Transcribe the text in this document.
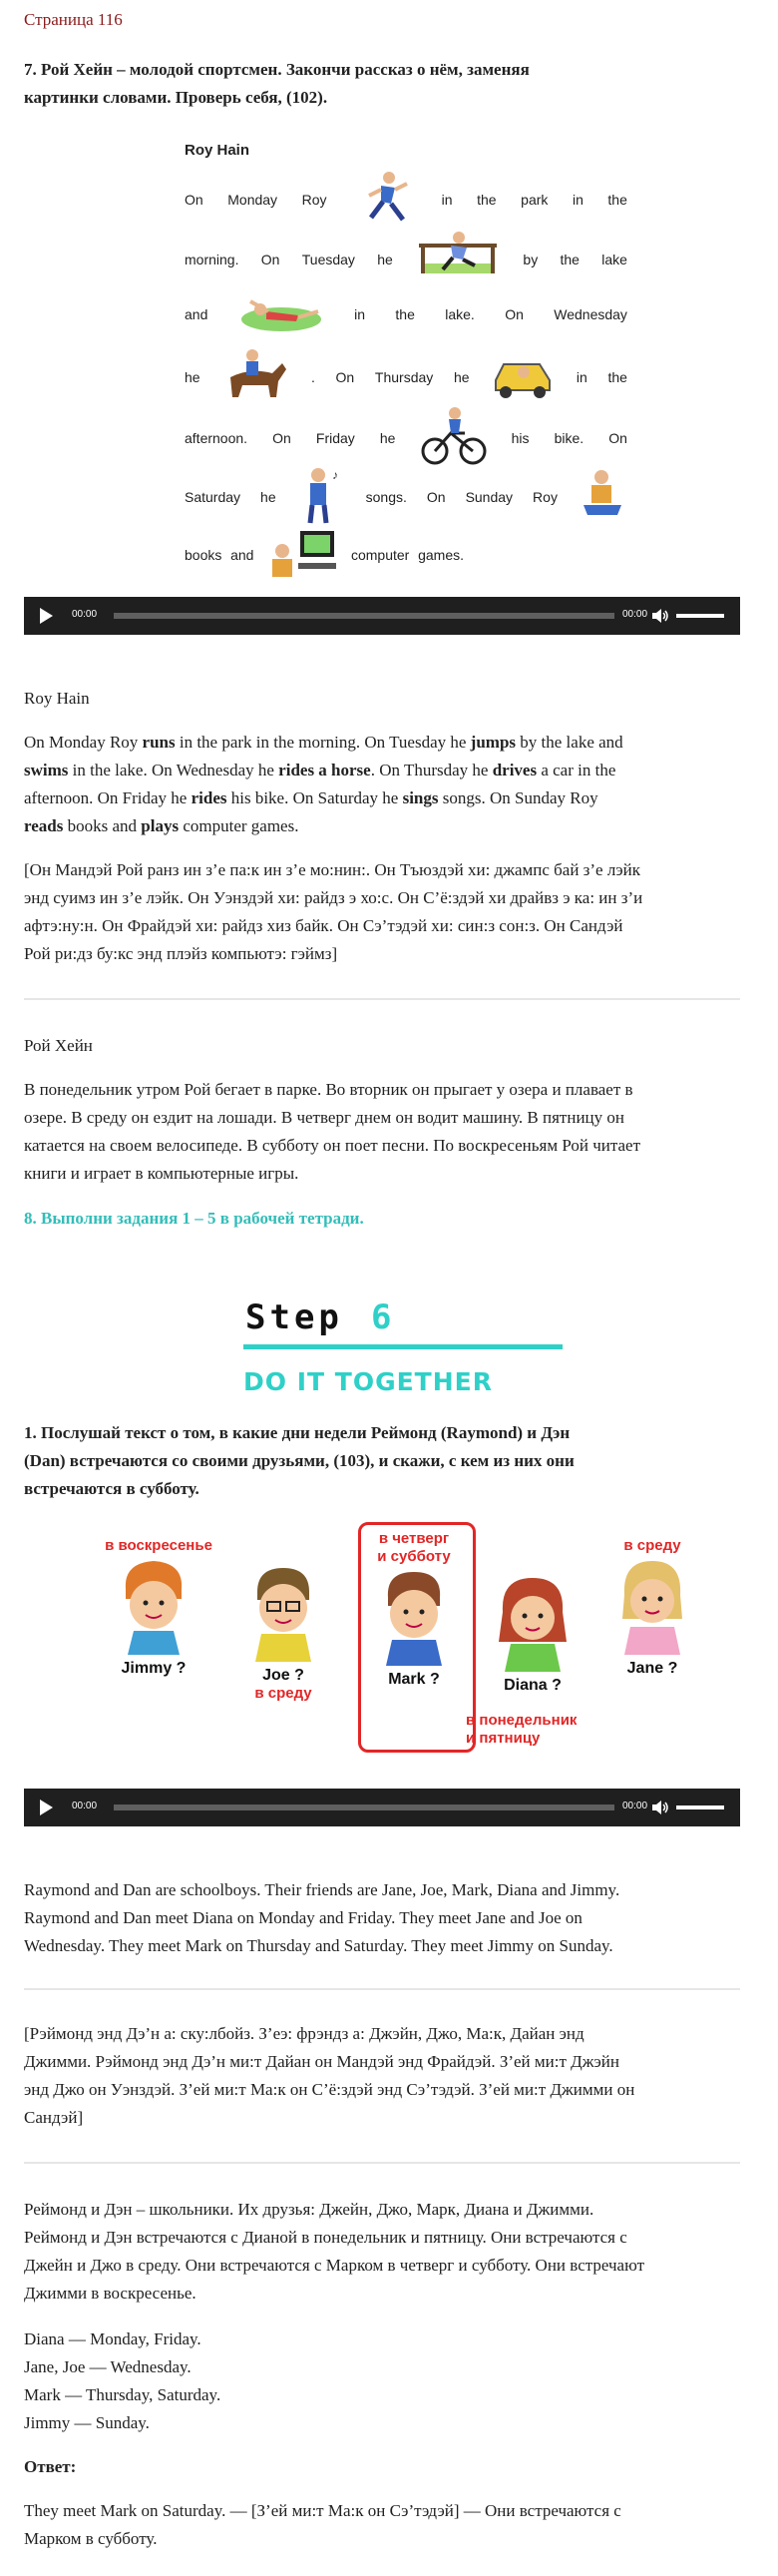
Страница 116
7. Рой Хейн – молодой спортсмен. Закончи рассказ о нём, заменяя
картинки словами. Проверь себя, (102).
Roy Hain
On Monday Roy	in the park in the
morning. On Tuesday he	by the lake
and	in the lake. On Wednesday
he	. On Thursday he	in the
afternoon. On Friday he	his bike. On
Saturday he
♪
songs. On Sunday Roy
books and	computer games.
00:00	00:00
Roy Hain
On Monday Roy runs in the park in the morning. On Tuesday he jumps by the lake and
swims in the lake. On Wednesday he rides a horse. On Thursday he drives a car in the
afternoon. On Friday he rides his bike. On Saturday he sings songs. On Sunday Roy
reads books and plays computer games.
[Он Мандэй Рой ранз ин з’е па:к ин з’е мо:нин:. Он Тъюздэй хи: джампс бай з’е лэйк
энд суимз ин з’е лэйк. Он Уэнздэй хи: райдз э хо:с. Он С’ё:здэй хи драйвз э ка: ин з’и
афтэ:ну:н. Он Фрайдэй хи: райдз хиз байк. Он Сэ’тэдэй хи: син:з сон:з. Он Сандэй
Рой ри:дз бу:кс энд плэйз компьютэ: гэймз]
Рой Хейн
В понедельник утром Рой бегает в парке. Во вторник он прыгает у озера и плавает в
озере. В среду он ездит на лошади. В четверг днем он водит машину. В пятницу он
катается на своем велосипеде. В субботу он поет песни. По воскресеньям Рой читает
книги и играет в компьютерные игры.
8. Выполни задания 1 – 5 в рабочей тетради.
Step 6
DO IT TOGETHER
1. Послушай текст о том, в какие дни недели Реймонд (Raymond) и Дэн
(Dan) встречаются со своими друзьями, (103), и скажи, с кем из них они
встречаются в субботу.
в воскресенье
Jimmy ?	Joe ?
в среду
в четверг
и субботу
Mark ?	Diana ?
в понедельник
и пятницу
в среду
Jane ?
00:00	00:00
Raymond and Dan are schoolboys. Their friends are Jane, Joe, Mark, Diana and Jimmy.
Raymond and Dan meet Diana on Monday and Friday. They meet Jane and Joe on
Wednesday. They meet Mark on Thursday and Saturday. They meet Jimmy on Sunday.
[Рэймонд энд Дэ’н а: ску:лбойз. З’еэ: фрэндз а: Джэйн, Джо, Ма:к, Дайан энд
Джимми. Рэймонд энд Дэ’н ми:т Дайан он Мандэй энд Фрайдэй. З’ей ми:т Джэйн
энд Джо он Уэнздэй. З’ей ми:т Ма:к он С’ё:здэй энд Сэ’тэдэй. З’ей ми:т Джимми он
Сандэй]
Реймонд и Дэн – школьники. Их друзья: Джейн, Джо, Марк, Диана и Джимми.
Реймонд и Дэн встречаются с Дианой в понедельник и пятницу. Они встречаются с
Джейн и Джо в среду. Они встречаются с Марком в четверг и субботу. Они встречают
Джимми в воскресенье.
Diana — Monday, Friday.
Jane, Joe — Wednesday.
Mark — Thursday, Saturday.
Jimmy — Sunday.
Ответ:
They meet Mark on Saturday. — [З’ей ми:т Ма:к он Сэ’тэдэй] — Они встречаются с
Марком в субботу.
